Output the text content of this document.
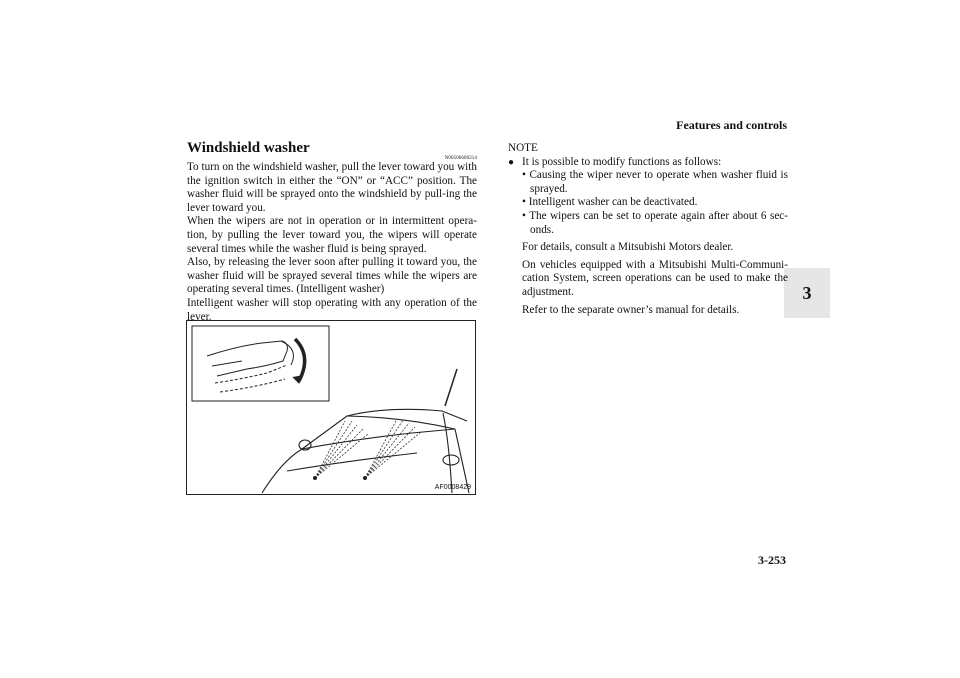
Features and controls
3
Windshield washer
N00506600214

To turn on the windshield washer, pull the lever toward you with the ignition switch in either the “ON” or “ACC” position. The washer fluid will be sprayed onto the windshield by pull-ing the lever toward you.

When the wipers are not in operation or in intermittent opera-tion, by pulling the lever toward you, the wipers will operate several times while the washer fluid is being sprayed.

Also, by releasing the lever soon after pulling it toward you, the washer fluid will be sprayed several times while the wipers are operating several times. (Intelligent washer)

Intelligent washer will stop operating with any operation of the lever.

AF0008429

NOTE

● It is possible to modify functions as follows:
• Causing the wiper never to operate when washer fluid is sprayed.
• Intelligent washer can be deactivated.
• The wipers can be set to operate again after about 6 sec-onds.
For details, consult a Mitsubishi Motors dealer.
On vehicles equipped with a Mitsubishi Multi-Communi-cation System, screen operations can be used to make the adjustment.
Refer to the separate owner’s manual for details.
3-253
